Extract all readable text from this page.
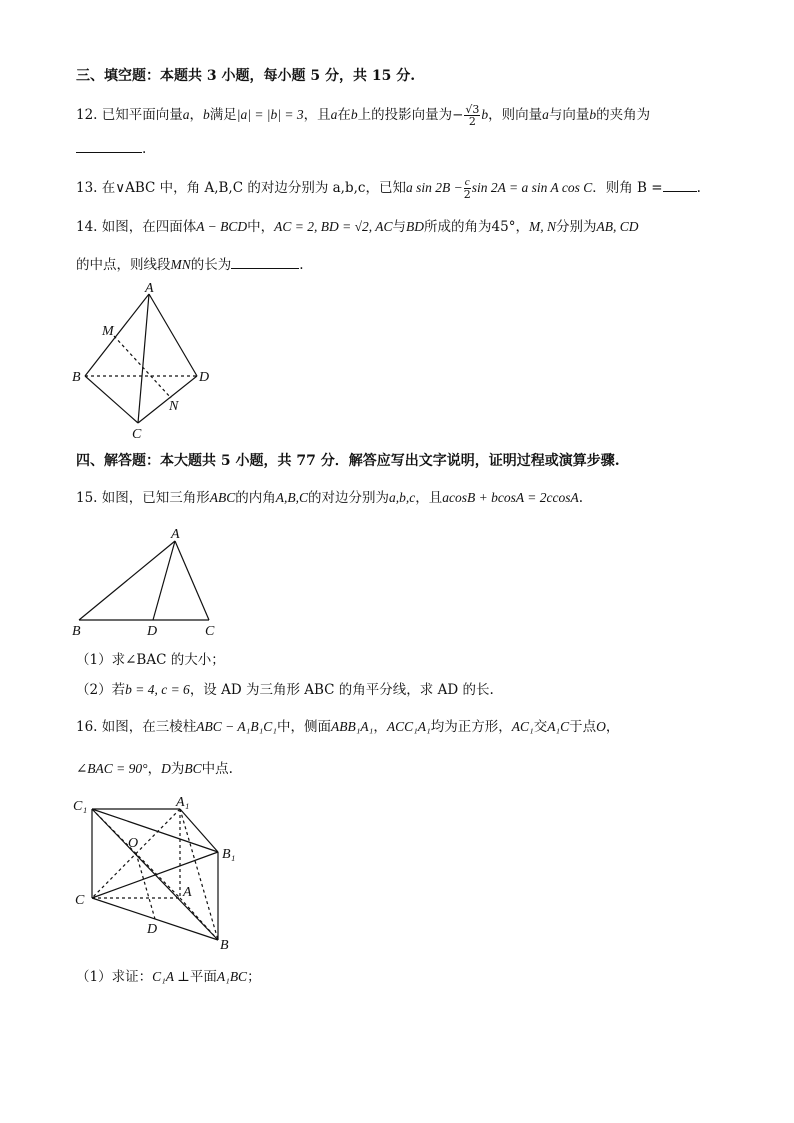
三、填空题：本题共 3 小题，每小题 5 分，共 15 分.
12. 已知平面向量a，b满足|a| = |b| = 3，且a在b上的投影向量为− $\frac{√3}{2}$ b，则向量a与向量b的夹角为
.
13. 在∨ABC 中，角 A,B,C 的对边分别为 a,b,c，已知a $\sin 2B - \frac{c}{2}$ sin 2A = a sin A cos C．则角 B =	.
14. 如图，在四面体A − BCD中，AC = 2, BD = √2, AC与BD所成的角为45°，M, N分别为AB, CD
的中点，则线段MN的长为	.
A
M
B	D
N
C
四、解答题：本大题共 5 小题，共 77 分．解答应写出文字说明，证明过程或演算步骤.
15. 如图，已知三角形ABC的内角A,B,C的对边分别为a,b,c，且acosB + bcosA = 2ccosA.
A
B	D	C
（1）求∠BAC 的大小；
（2）若b = 4, c = 6，设 AD 为三角形 ABC 的角平分线，求 AD 的长.
16. 如图，在三棱柱ABC − A₁B₁C₁中，侧面ABB₁A₁，ACC₁A₁均为正方形，AC₁交A₁C于点O，
∠BAC = 90°，D为BC中点.
C₁	A₁
B₁
O
C
A
D
B
（1）求证：C₁A ⊥平面A₁BC；
